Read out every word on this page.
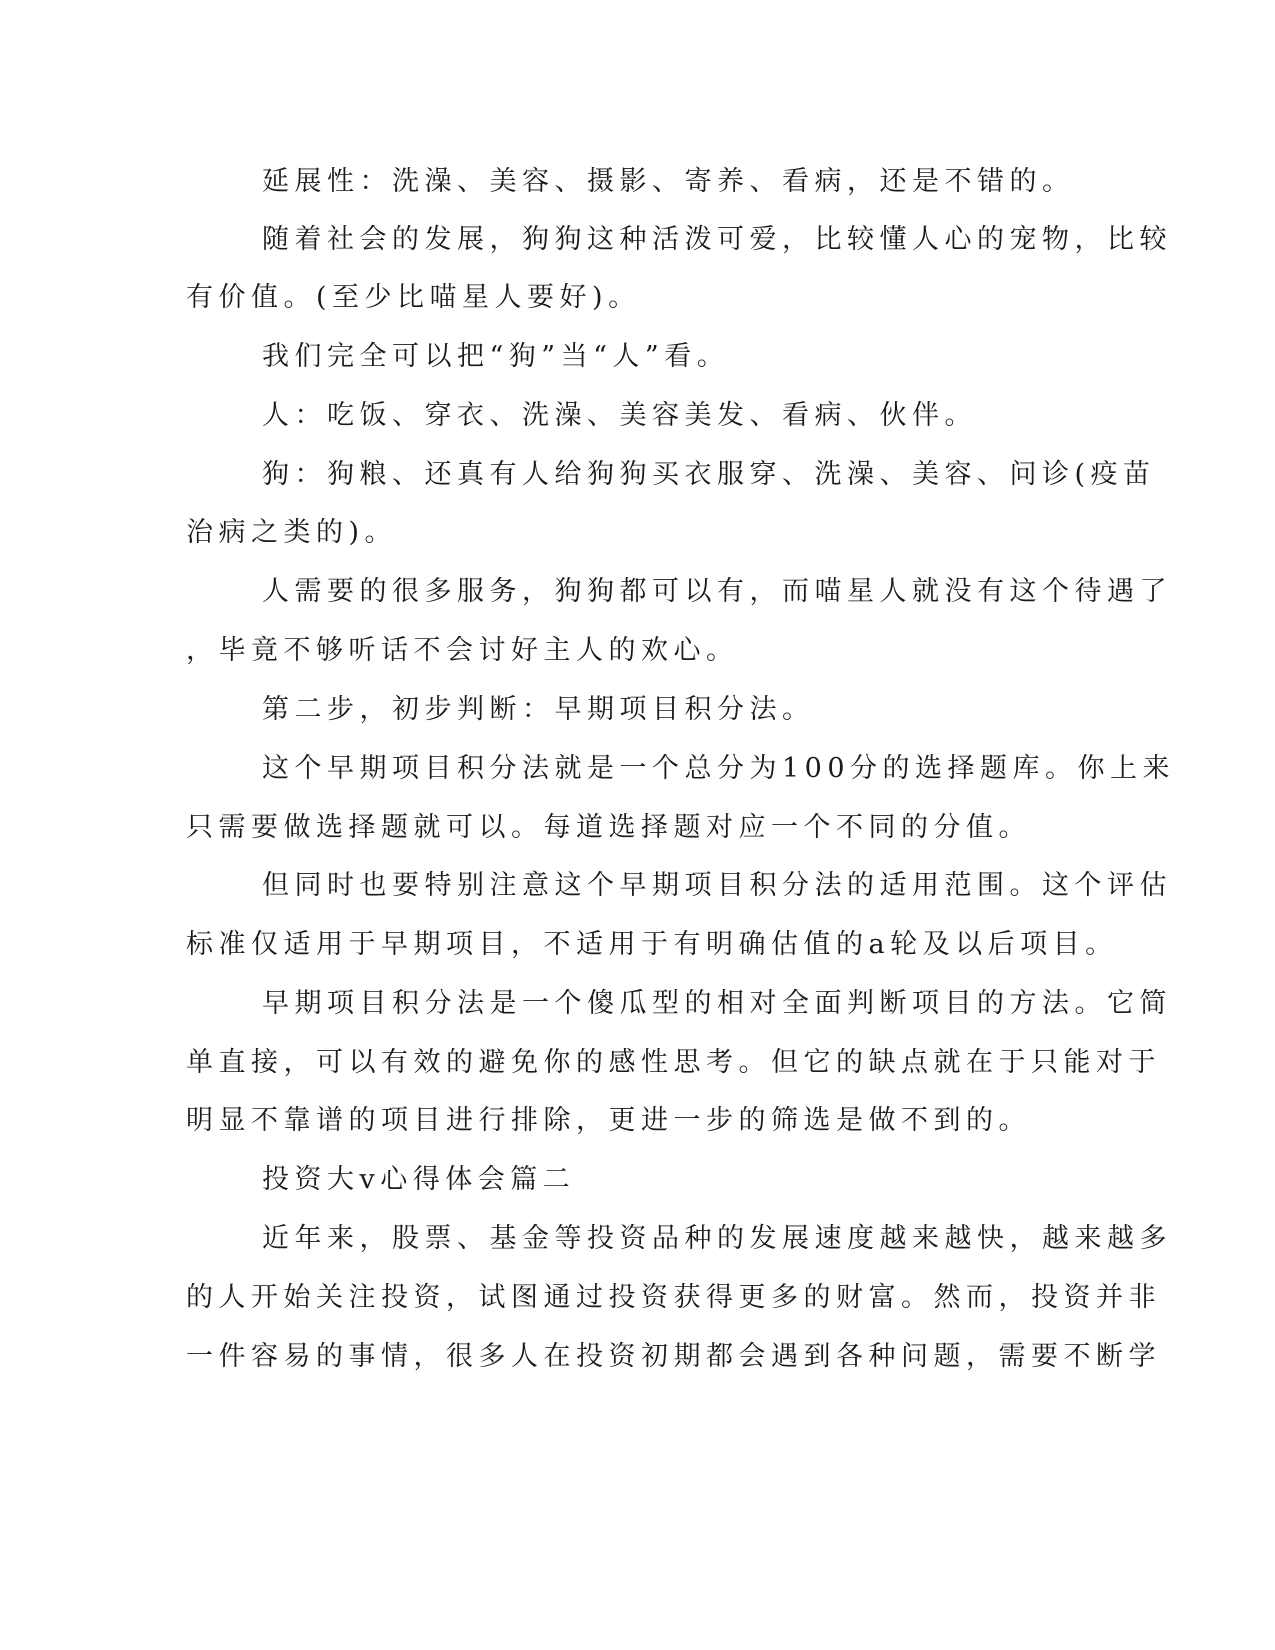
延展性：洗澡、美容、摄影、寄养、看病，还是不错的。
随着社会的发展，狗狗这种活泼可爱，比较懂人心的宠物，比较
有价值。(至少比喵星人要好)。
我们完全可以把“狗”当“人”看。
人：吃饭、穿衣、洗澡、美容美发、看病、伙伴。
狗：狗粮、还真有人给狗狗买衣服穿、洗澡、美容、问诊(疫苗
治病之类的)。
人需要的很多服务，狗狗都可以有，而喵星人就没有这个待遇了
，毕竟不够听话不会讨好主人的欢心。
第二步，初步判断：早期项目积分法。
这个早期项目积分法就是一个总分为100分的选择题库。你上来
只需要做选择题就可以。每道选择题对应一个不同的分值。
但同时也要特别注意这个早期项目积分法的适用范围。这个评估
标准仅适用于早期项目，不适用于有明确估值的a轮及以后项目。
早期项目积分法是一个傻瓜型的相对全面判断项目的方法。它简
单直接，可以有效的避免你的感性思考。但它的缺点就在于只能对于
明显不靠谱的项目进行排除，更进一步的筛选是做不到的。
投资大v心得体会篇二
近年来，股票、基金等投资品种的发展速度越来越快，越来越多
的人开始关注投资，试图通过投资获得更多的财富。然而，投资并非
一件容易的事情，很多人在投资初期都会遇到各种问题，需要不断学
